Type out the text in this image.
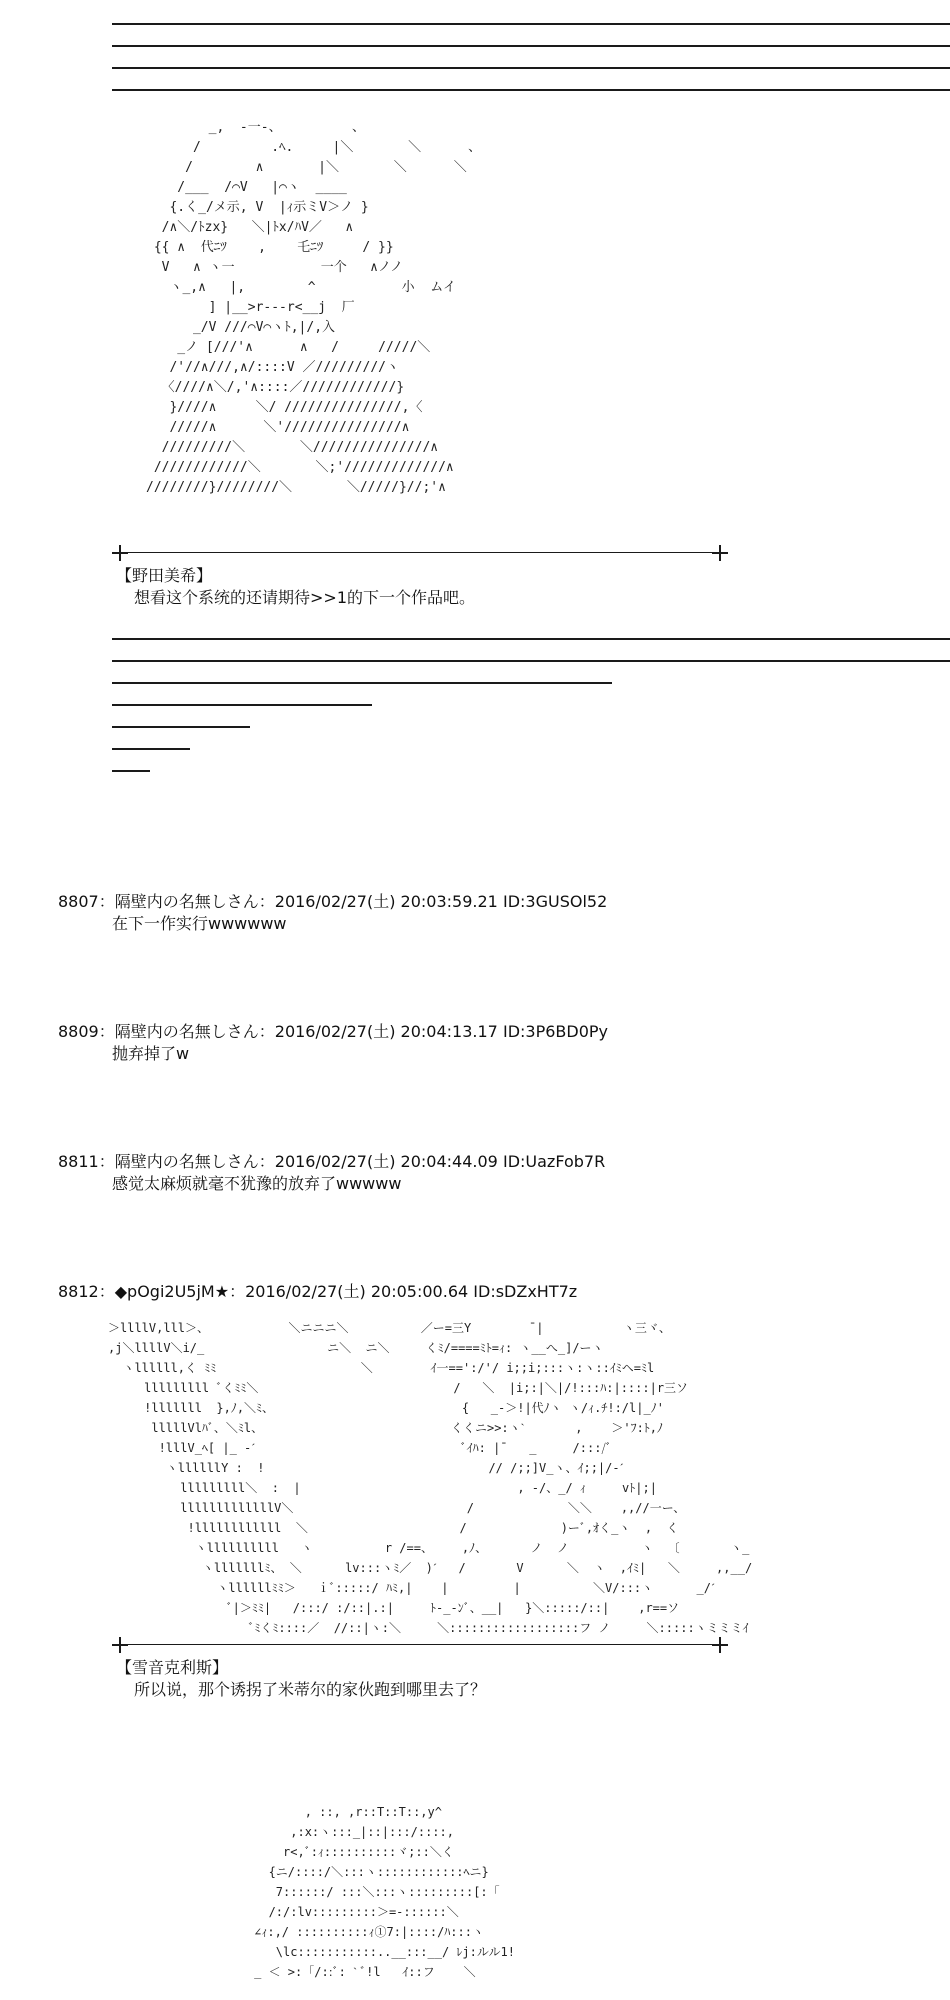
_,  -一-、         、
/         .ﾍ.     |＼       ＼      、
/        ∧       |＼       ＼      ＼
/___  /⌒V   |⌒ヽ  ____
{.く_/メ示, V  |ｨ示ミV＞ノ }
/∧＼/ﾄzx}   ＼|ﾄx/ﾊV／   ∧
{{ ∧  代ﾆﾂ    ,    乇ﾆﾂ     / }}
V   ∧ ヽ一           一个   ∧ノノ
ヽ_,∧   |,        ^           小  ムイ
] |__>r---r<__j  厂
_/V ///⌒V⌒ヽﾄ,|/,入
_ノ [///'∧      ∧   /     /////＼
/'//∧///,∧/::::V ／/////////ヽ
〈////∧＼/,'∧::::／////////////}
}////∧     ＼/ ///////////////,〈
/////∧      ＼'///////////////∧
/////////＼       ＼///////////////∧
////////////＼       ＼;'/////////////∧
////////}////////＼       ＼/////}//;'∧
【野田美希】
想看这个系统的还请期待>>1的下一个作品吧。
8807：隔壁内の名無しさん：2016/02/27(土) 20:03:59.21 ID:3GUSOl52
在下一作实行wwwwww
8809：隔壁内の名無しさん：2016/02/27(土) 20:04:13.17 ID:3P6BD0Py
抛弃掉了w
8811：隔壁内の名無しさん：2016/02/27(土) 20:04:44.09 ID:UazFob7R
感觉太麻烦就毫不犹豫的放弃了wwwww
8812：◆pOgi2U5jM★：2016/02/27(土) 20:05:00.64 ID:sDZxHT7z
＞llllV,lll＞、           ＼ニニニ＼          ／ー=三Y        ˉ|           ヽ三ヾ、
,j＼llllV＼i/_                 ニ＼  ニ＼     くﾐ/====ﾐﾄ=ｨ: ヽ__へ_]/ーヽ
ヽllllll,く ﾐﾐ                    ＼        ｲ一==':/'/ i;;i;:::ヽ:ヽ::ｲﾐヘ=ﾐl
lllllllll ﾞくﾐﾐ＼                           /   ＼  |i;:|＼|/!:::ﾊ:|::::|r三ソ
!lllllll  },ﾉ,＼ﾐ、                          {   _-＞!|代ﾉヽ ヽ/ｨ.ﾁ!:/l|_ﾉ'
lllllVlﾊﾞ、＼ﾐl、                          くくニ>>:ヽˋ       ,    ＞'ﾌ:ﾄ,ﾉ
!lllV_ﾍ[ |_ -ˊ                             ﾞｲﾊ: |ˉ   _     /:::/ﾞ
ヽllllllY :  !                               // /;;]V_ヽ、ｲ;;|/-ˊ
lllllllll＼  :  |                              , -/、_/ ｨ     vﾄ|;|
lllllllllllllV＼                        /             ＼＼    ,,//一ー、
!llllllllllll  ＼                     /             )ーﾞ,ｵく_ヽ  ,  く
ヽllllllllll   ヽ          r /==、    ,ﾉ、      ノ  ノ          ヽ  〔       ヽ_
ヽlllllllﾐ、 ＼      lv:::ヽﾐ／  )ˊ   /       V      ＼  ヽ  ,ｲﾐ|   ＼     ,,__/
ヽllllllﾐﾐ＞   ｉﾞ:::::/ ﾊﾐ,|    |         |          ＼V/:::ヽ      _/ˊ
ﾞ|＞ﾐﾐ|   /:::/ :/::|.:|     ﾄ-_-ﾝﾞ、__|   }＼:::::/::|    ,r==ソ
ﾞﾐくﾐ::::／  //::|ヽ:＼     ＼::::::::::::::::::フ ノ     ＼:::::ヽミミミｲ
【雪音克利斯】
所以说，那个诱拐了米蒂尔的家伙跑到哪里去了？
, ::, ,r::T::T::,y^
,:x:ヽ:::_|::|:::/::::,
r<,ﾞ:ｨ::::::::::ヾ;::＼く
{ニ/::::/＼:::ヽ::::::::::::ﾍニ}
7::::::/ :::＼:::ヽ:::::::::[:「
/:/:lv:::::::::＞=-::::::＼
∠ｨ:,/ ::::::::::ｨ①7:|::::/ﾊ:::ヽ
\lc:::::::::::..__:::__/ ﾚj:ルル1!
_ ＜ >:「/::ﾞ: ˋ ﾞ!l   ｲ::フ    ＼
